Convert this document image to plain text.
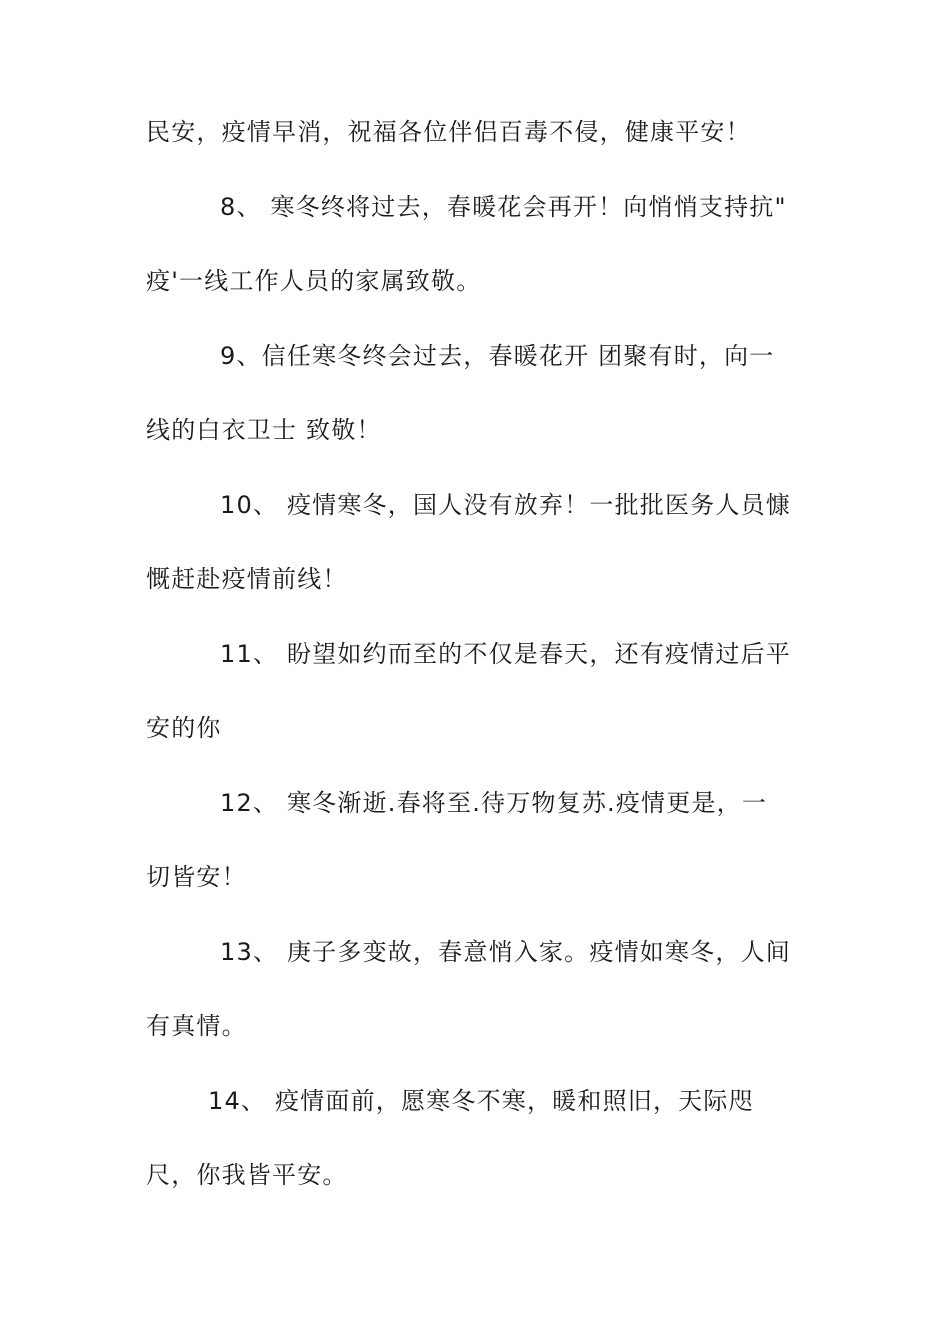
民安，疫情早消，祝福各位伴侣百毒不侵，健康平安！
8、 寒冬终将过去，春暖花会再开！向悄悄支持抗"
疫'一线工作人员的家属致敬。
9、信任寒冬终会过去，春暖花开 团聚有时，向一
线的白衣卫士 致敬！
10、 疫情寒冬，国人没有放弃！一批批医务人员慷
慨赶赴疫情前线！
11、 盼望如约而至的不仅是春天，还有疫情过后平
安的你
12、 寒冬渐逝.春将至.待万物复苏.疫情更是，一
切皆安！
13、 庚子多变故，春意悄入家。疫情如寒冬，人间
有真情。
14、 疫情面前，愿寒冬不寒，暖和照旧，天际咫
尺，你我皆平安。
